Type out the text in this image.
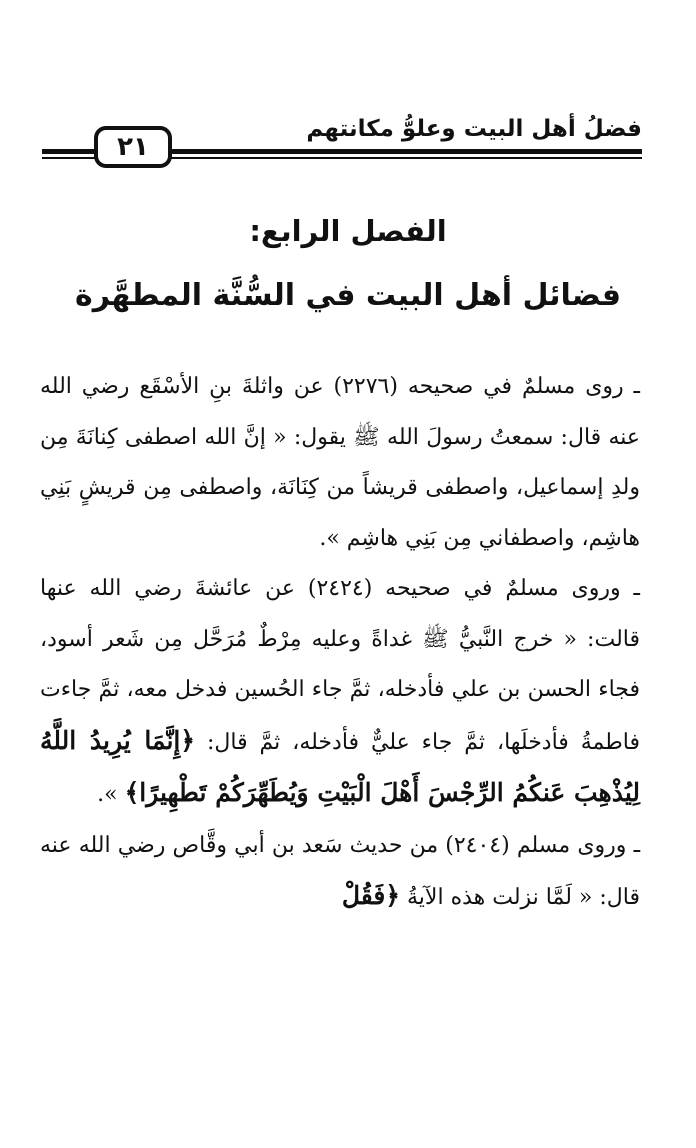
فضلُ أهل البيت وعلوُّ مكانتهم
٢١
الفصل الرابع:
فضائل أهل البيت في السُّنَّة المطهَّرة

ـ روى مسلمٌ في صحيحه (٢٢٧٦) عن واثلةَ بنِ الأسْقَع رضي الله عنه قال: سمعتُ رسولَ الله ﷺ يقول: « إنَّ الله اصطفى كِنانَةَ مِن ولدِ إسماعيل، واصطفى قريشاً من كِنَانَة، واصطفى مِن قريشٍ بَنِي هاشِم، واصطفاني مِن بَنِي هاشِم ».

ـ وروى مسلمٌ في صحيحه (٢٤٢٤) عن عائشةَ رضي الله عنها قالت: « خرج النَّبيُّ ﷺ غداةً وعليه مِرْطٌ مُرَحَّل مِن شَعر أسود، فجاء الحسن بن علي فأدخله، ثمَّ جاء الحُسين فدخل معه، ثمَّ جاءت فاطمةُ فأدخلَها، ثمَّ جاء عليٌّ فأدخله، ثمَّ قال: ﴿إِنَّمَا يُرِيدُ اللَّهُ لِيُذْهِبَ عَنكُمُ الرِّجْسَ أَهْلَ الْبَيْتِ وَيُطَهِّرَكُمْ تَطْهِيرًا﴾ ».

ـ وروى مسلم (٢٤٠٤) من حديث سَعد بن أبي وقَّاص رضي الله عنه قال: « لَمَّا نزلت هذه الآيةُ ﴿فَقُلْ
